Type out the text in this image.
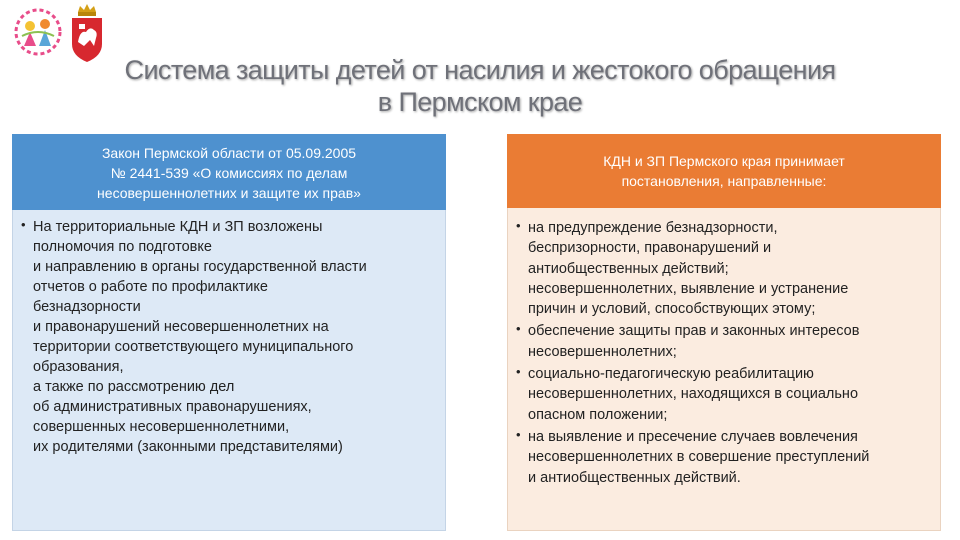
Система защиты детей от насилия и жестокого обращения
в Пермском крае
Закон Пермской области от 05.09.2005
№ 2441-539 «О комиссиях по делам
несовершеннолетних и защите их прав»
• На территориальные КДН и ЗП возложены
полномочия по подготовке
и направлению в органы государственной власти
отчетов о работе по профилактике
безнадзорности
и правонарушений несовершеннолетних на
территории соответствующего муниципального
образования,
а также по рассмотрению дел
об административных правонарушениях,
совершенных несовершеннолетними,
их родителями (законными представителями)
КДН и ЗП Пермского края принимает
постановления, направленные:
• на предупреждение безнадзорности,
беспризорности, правонарушений и
антиобщественных действий;
несовершеннолетних, выявление и устранение
причин и условий, способствующих этому;
• обеспечение защиты прав и законных интересов
несовершеннолетних;
• социально-педагогическую реабилитацию
несовершеннолетних, находящихся в социально
опасном положении;
• на выявление и пресечение случаев вовлечения
несовершеннолетних в совершение преступлений
и антиобщественных действий.
